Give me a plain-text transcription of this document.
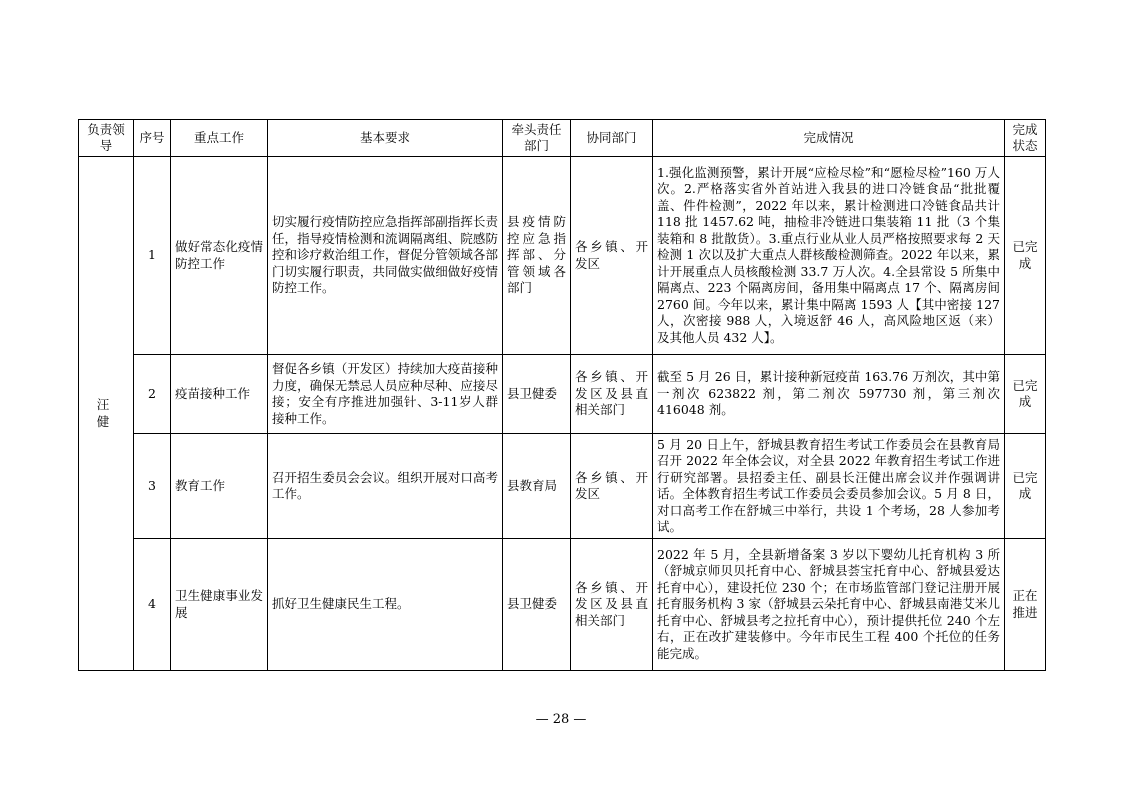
负责领导	序号	重点工作	基本要求	牵头责任部门	协同部门	完成情况	完成状态
汪 健	1	做好常态化疫情防控工作	切实履行疫情防控应急指挥部副指挥长责任，指导疫情检测和流调隔离组、院感防控和诊疗救治组工作，督促分管领域各部门切实履行职责，共同做实做细做好疫情防控工作。	县疫情防控应急指挥部、分管领域各部门	各乡镇、开发区	1.强化监测预警，累计开展“应检尽检”和“愿检尽检”160 万人次。2.严格落实省外首站进入我县的进口冷链食品“批批覆盖、件件检测”，2022 年以来，累计检测进口冷链食品共计 118 批 1457.62 吨，抽检非冷链进口集装箱 11 批（3 个集装箱和 8 批散货）。3.重点行业从业人员严格按照要求每 2 天检测 1 次以及扩大重点人群核酸检测筛查。2022 年以来，累计开展重点人员核酸检测 33.7 万人次。4.全县常设 5 所集中隔离点、223 个隔离房间，备用集中隔离点 17 个、隔离房间 2760 间。今年以来，累计集中隔离 1593 人【其中密接 127 人，次密接 988 人，入境返舒 46 人，高风险地区返（来）及其他人员 432 人】。	已完成
	2	疫苗接种工作	督促各乡镇（开发区）持续加大疫苗接种力度，确保无禁忌人员应种尽种、应接尽接；安全有序推进加强针、3-11岁人群接种工作。	县卫健委	各乡镇、开发区及县直相关部门	截至 5 月 26 日，累计接种新冠疫苗 163.76 万剂次，其中第一剂次 623822 剂，第二剂次 597730 剂，第三剂次 416048 剂。	已完成
	3	教育工作	召开招生委员会会议。组织开展对口高考工作。	县教育局	各乡镇、开发区	5 月 20 日上午，舒城县教育招生考试工作委员会在县教育局召开 2022 年全体会议，对全县 2022 年教育招生考试工作进行研究部署。县招委主任、副县长汪健出席会议并作强调讲话。全体教育招生考试工作委员会委员参加会议。5 月 8 日，对口高考工作在舒城三中举行，共设 1 个考场，28 人参加考试。	已完成
	4	卫生健康事业发展	抓好卫生健康民生工程。	县卫健委	各乡镇、开发区及县直相关部门	2022 年 5 月，全县新增备案 3 岁以下婴幼儿托育机构 3 所（舒城京师贝贝托育中心、舒城县荟宝托育中心、舒城县爱达托育中心），建设托位 230 个；在市场监管部门登记注册开展托育服务机构 3 家（舒城县云朵托育中心、舒城县南港艾米儿托育中心、舒城县考之拉托育中心），预计提供托位 240 个左右，正在改扩建装修中。今年市民生工程 400 个托位的任务能完成。	正在推进
— 28 —
